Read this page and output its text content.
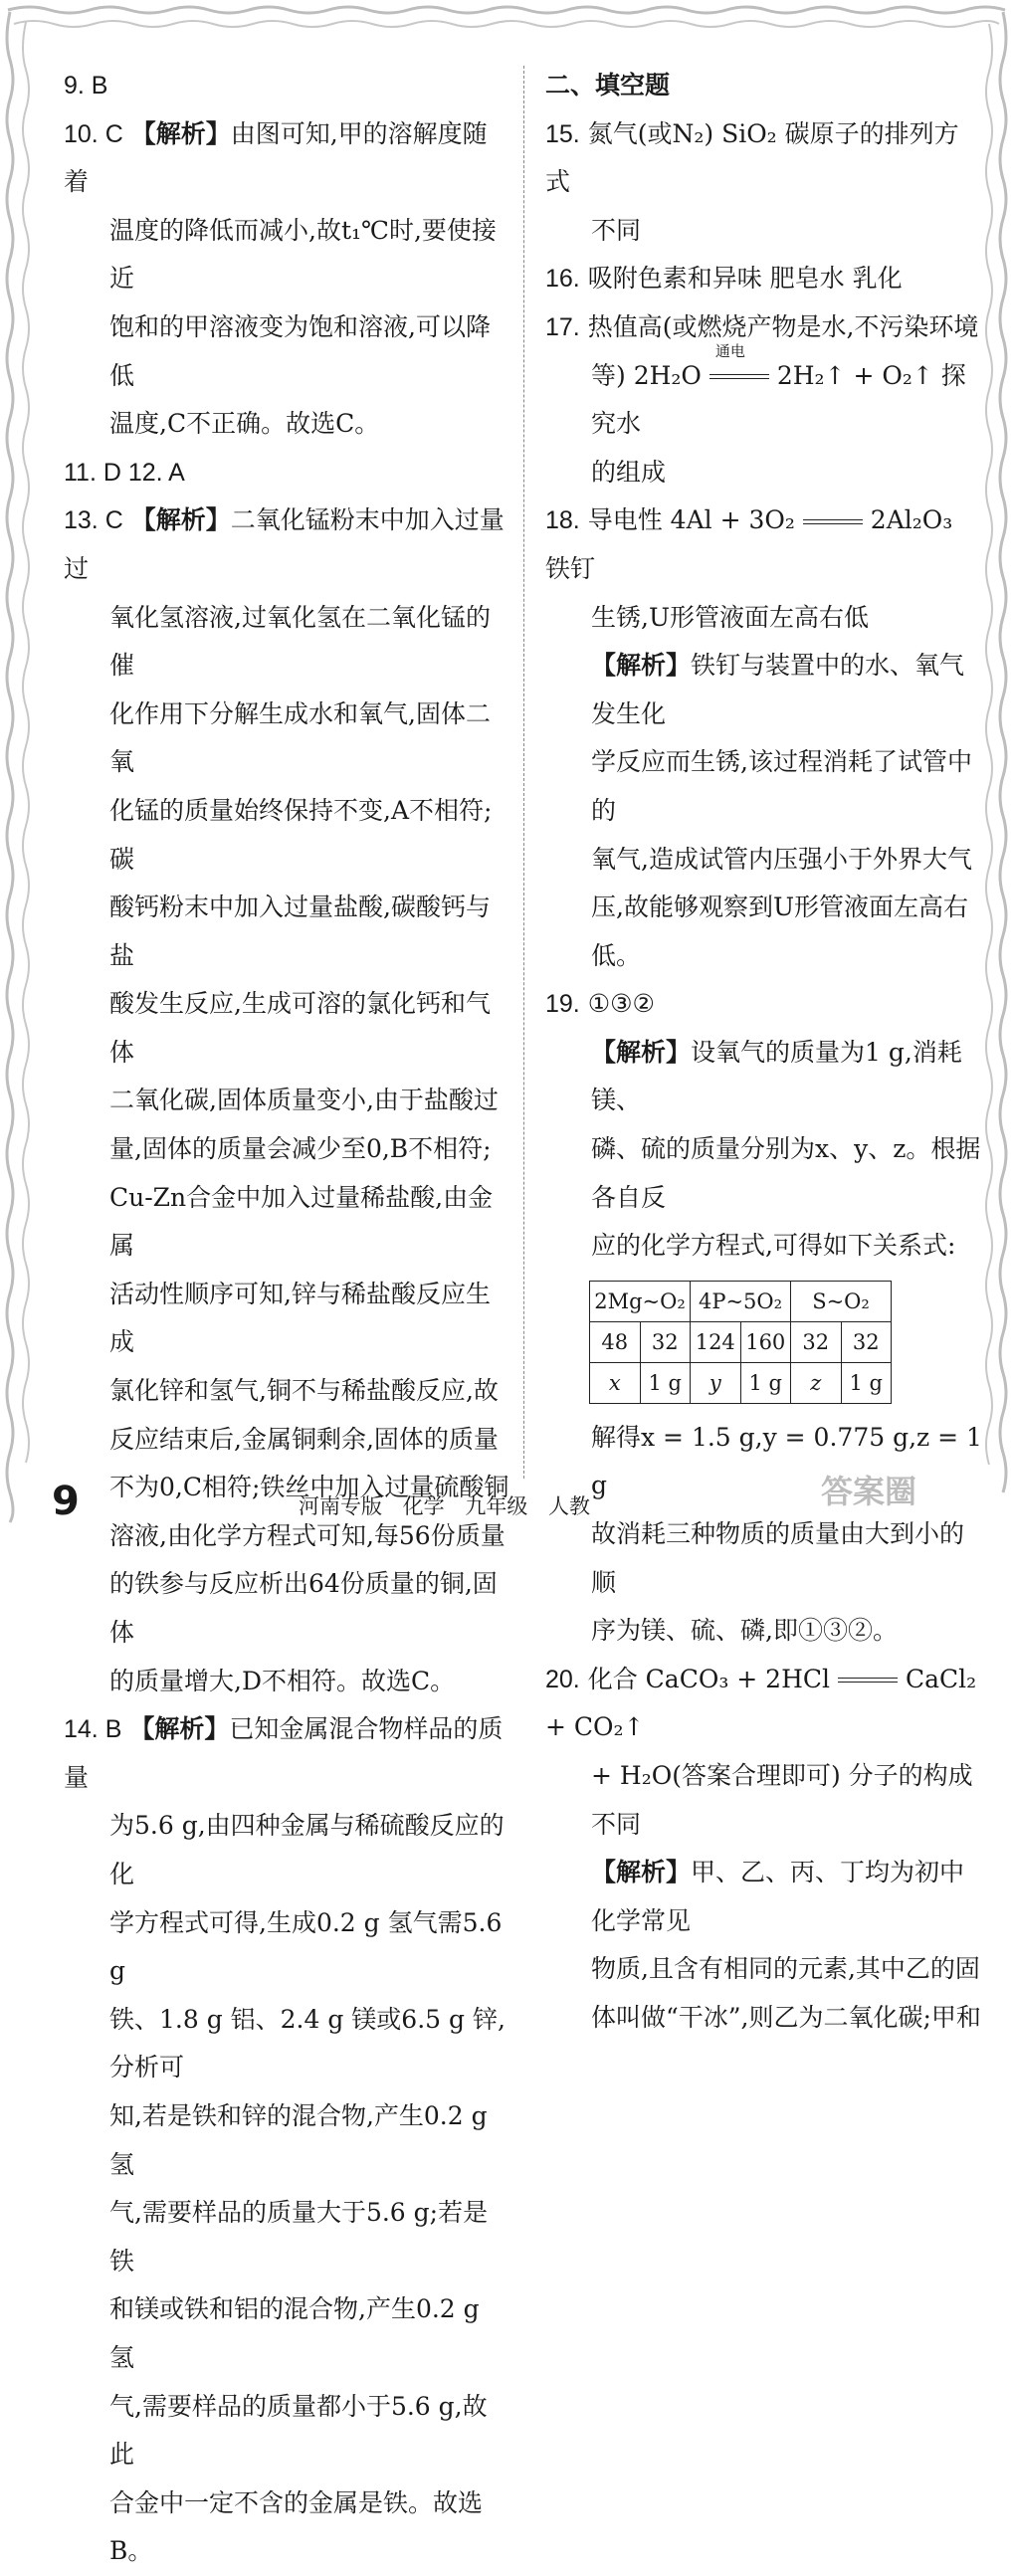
9. B
10. C 【解析】由图可知,甲的溶解度随着
温度的降低而减小,故t₁℃时,要使接近
饱和的甲溶液变为饱和溶液,可以降低
温度,C不正确。故选C。
11. D 12. A
13. C 【解析】二氧化锰粉末中加入过量过
氧化氢溶液,过氧化氢在二氧化锰的催
化作用下分解生成水和氧气,固体二氧
化锰的质量始终保持不变,A不相符;碳
酸钙粉末中加入过量盐酸,碳酸钙与盐
酸发生反应,生成可溶的氯化钙和气体
二氧化碳,固体质量变小,由于盐酸过
量,固体的质量会减少至0,B不相符;
Cu-Zn合金中加入过量稀盐酸,由金属
活动性顺序可知,锌与稀盐酸反应生成
氯化锌和氢气,铜不与稀盐酸反应,故
反应结束后,金属铜剩余,固体的质量
不为0,C相符;铁丝中加入过量硫酸铜
溶液,由化学方程式可知,每56份质量
的铁参与反应析出64份质量的铜,固体
的质量增大,D不相符。故选C。
14. B 【解析】已知金属混合物样品的质量
为5.6 g,由四种金属与稀硫酸反应的化
学方程式可得,生成0.2 g 氢气需5.6 g
铁、1.8 g 铝、2.4 g 镁或6.5 g 锌,分析可
知,若是铁和锌的混合物,产生0.2 g 氢
气,需要样品的质量大于5.6 g;若是铁
和镁或铁和铝的混合物,产生0.2 g 氢
气,需要样品的质量都小于5.6 g,故此
合金中一定不含的金属是铁。故选B。
二、填空题
15. 氮气(或N₂) SiO₂ 碳原子的排列方式
不同
16. 吸附色素和异味 肥皂水 乳化
17. 热值高(或燃烧产物是水,不污染环境
等) 2H₂O
通电
2H₂↑ + O₂↑ 探究水
的组成
18. 导电性 4Al + 3O₂	2Al₂O₃ 铁钉
生锈,U形管液面左高右低
【解析】铁钉与装置中的水、氧气发生化
学反应而生锈,该过程消耗了试管中的
氧气,造成试管内压强小于外界大气
压,故能够观察到U形管液面左高右低。
19. ①③②
【解析】设氧气的质量为1 g,消耗镁、
磷、硫的质量分别为x、y、z。根据各自反
应的化学方程式,可得如下关系式:
2Mg~O₂		4P~5O₂		S~O₂	
48	32	124	160	32	32
x	1 g	y	1 g	z	1 g
解得x = 1.5 g,y = 0.775 g,z = 1 g
故消耗三种物质的质量由大到小的顺
序为镁、硫、磷,即①③②。
20. 化合 CaCO₃ + 2HCl	CaCl₂ + CO₂↑
+ H₂O(答案合理即可) 分子的构成
不同
【解析】甲、乙、丙、丁均为初中化学常见
物质,且含有相同的元素,其中乙的固
体叫做“干冰”,则乙为二氧化碳;甲和
9	河南专版 化学 九年级 人教	答案圈
